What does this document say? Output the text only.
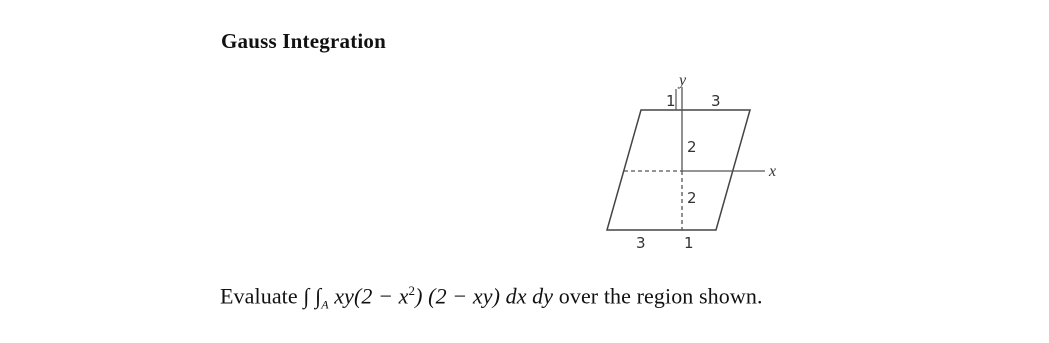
Gauss Integration
y
x
1 3
2
2
3	1
Evaluate ∫ $\int_A$ $xy(2 - x^2)$ (2 − xy) dx dy over the region shown.
